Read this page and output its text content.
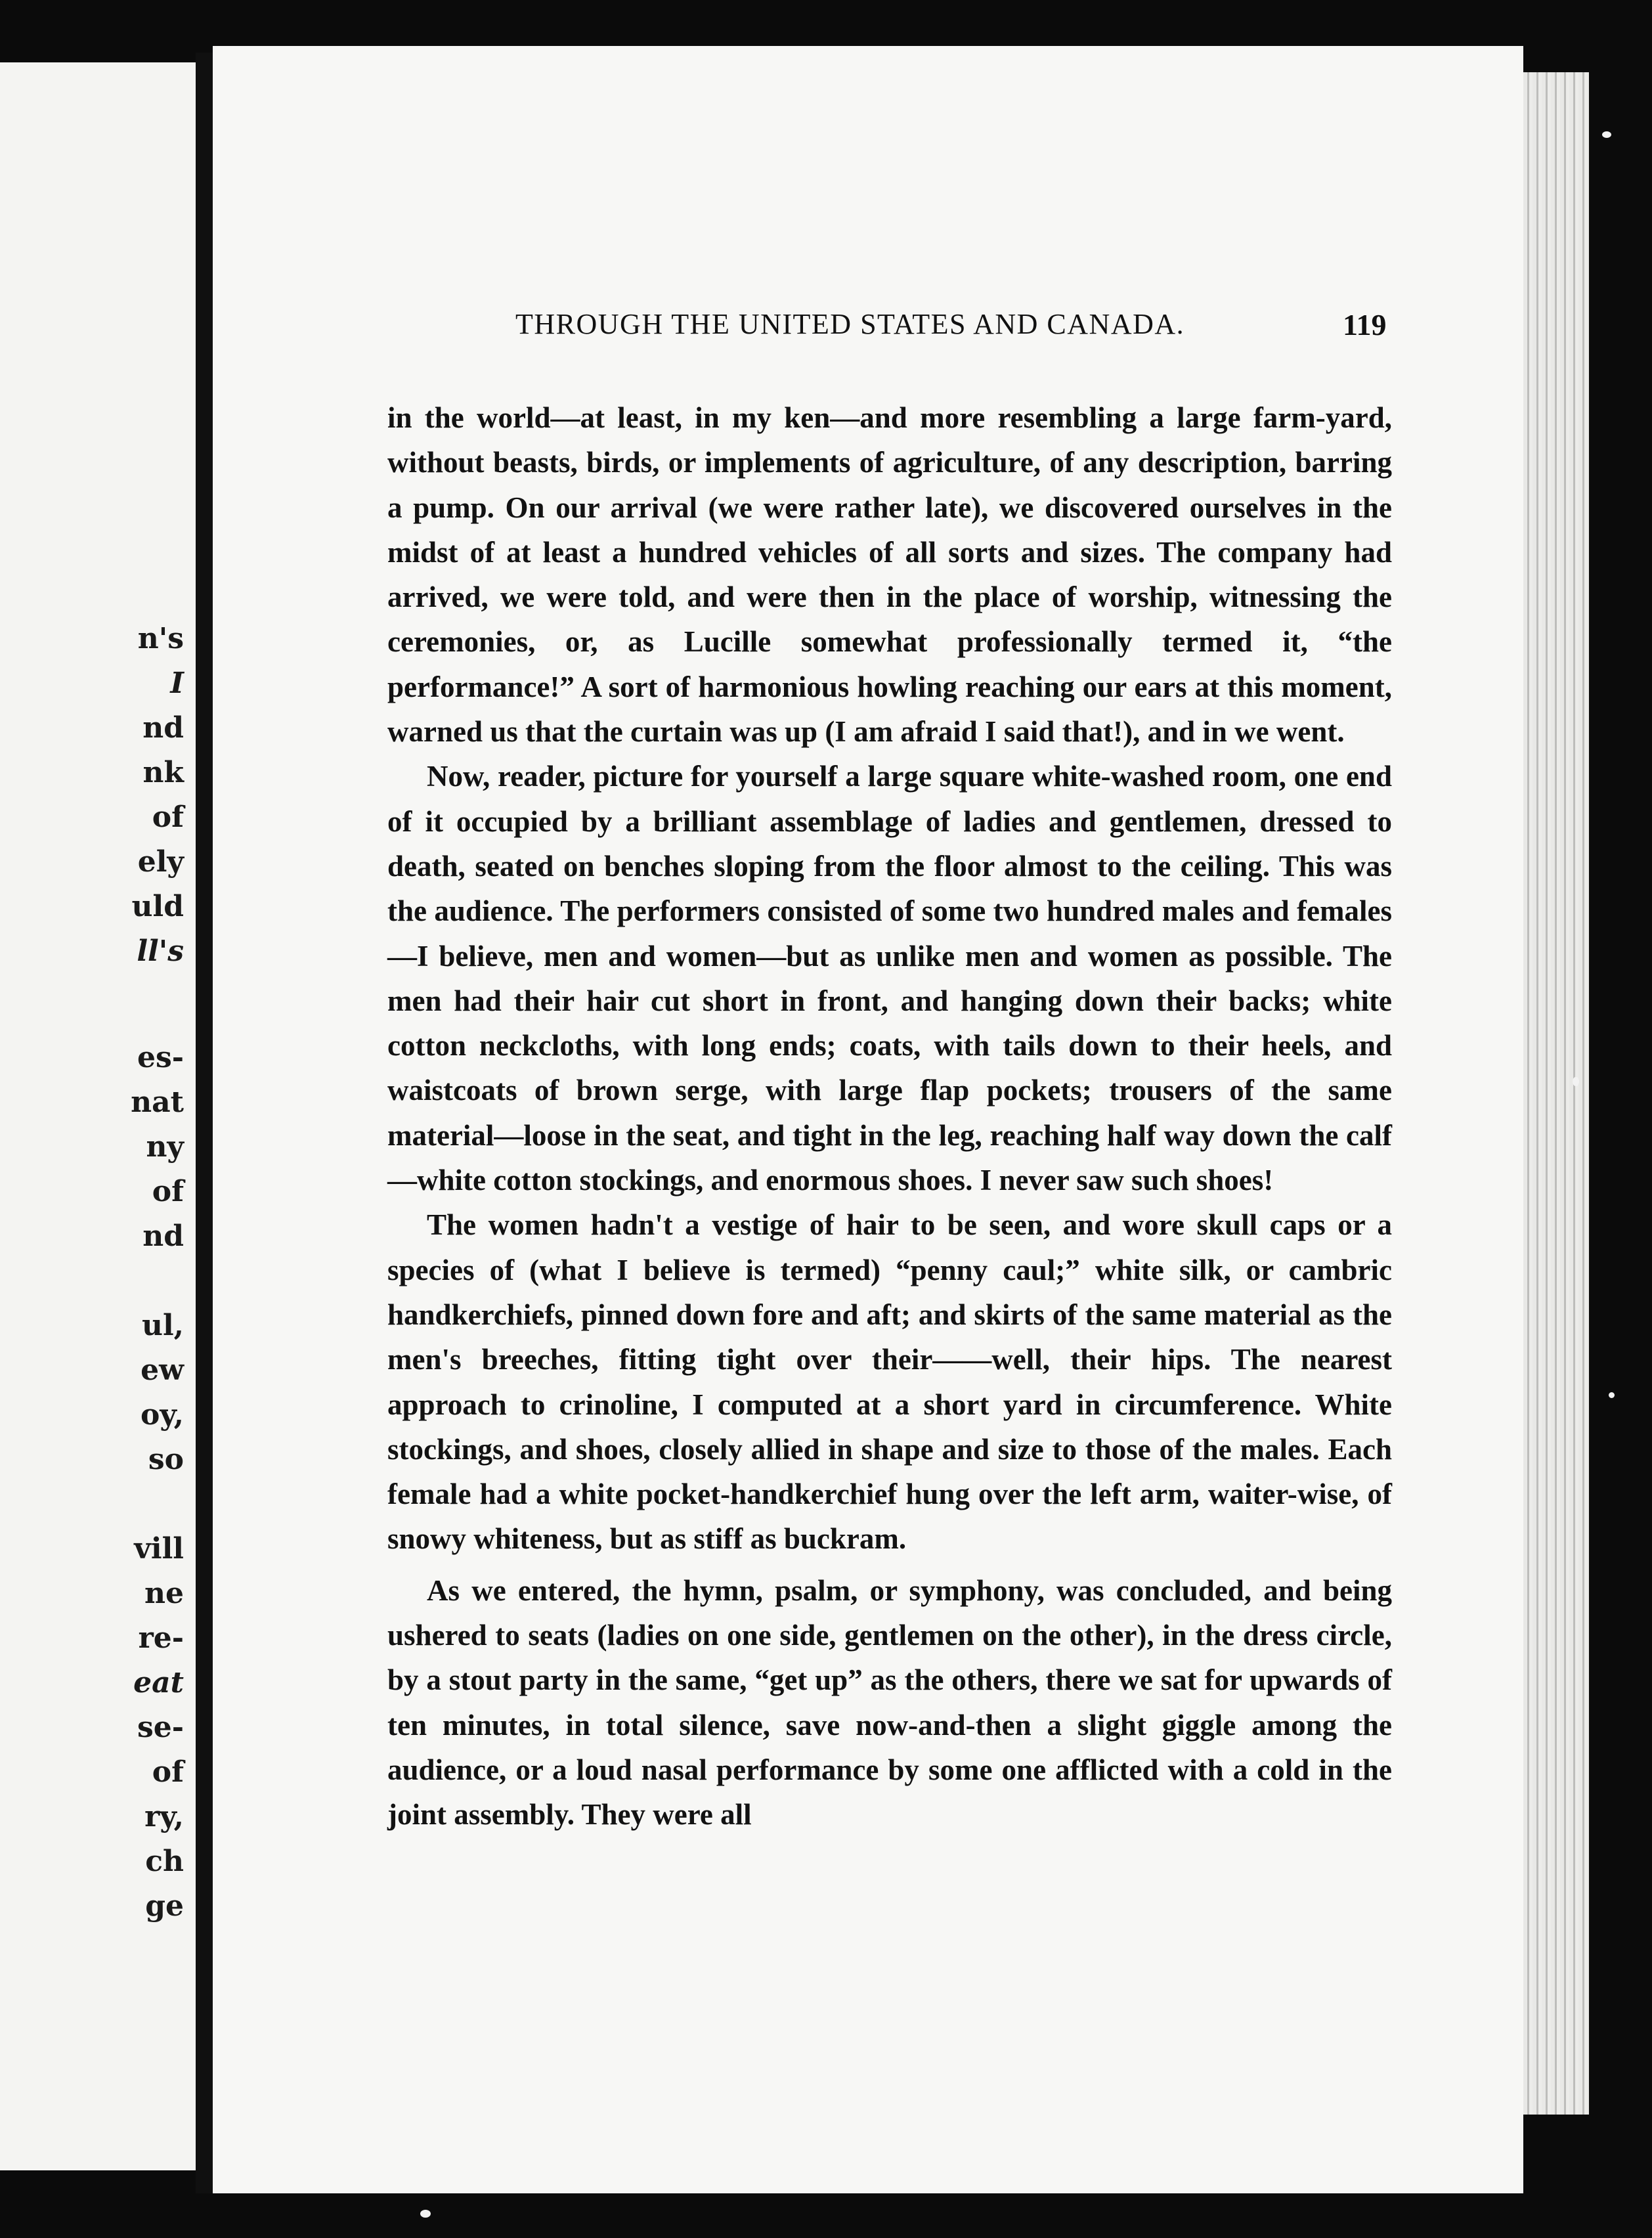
n's
I
nd
nk
of
ely
uld
ll's
es-
nat
ny
of
nd
ul,
ew
oy,
so
vill
ne
re-
eat
se-
of
ry,
ch
ge
THROUGH THE UNITED STATES AND CANADA.	119

in the world—at least, in my ken—and more resembling a large farm-yard, without beasts, birds, or implements of agriculture, of any description, barring a pump. On our arrival (we were rather late), we discovered ourselves in the midst of at least a hundred vehicles of all sorts and sizes. The company had arrived, we were told, and were then in the place of worship, witnessing the ceremonies, or, as Lucille somewhat professionally termed it, “the performance!” A sort of harmonious howling reaching our ears at this moment, warned us that the curtain was up (I am afraid I said that!), and in we went.

Now, reader, picture for yourself a large square white-washed room, one end of it occupied by a brilliant assemblage of ladies and gentlemen, dressed to death, seated on benches sloping from the floor almost to the ceiling. This was the audience. The performers consisted of some two hundred males and females—I believe, men and women—but as unlike men and women as possible. The men had their hair cut short in front, and hanging down their backs; white cotton neckcloths, with long ends; coats, with tails down to their heels, and waistcoats of brown serge, with large flap pockets; trousers of the same material—loose in the seat, and tight in the leg, reaching half way down the calf—white cotton stockings, and enormous shoes. I never saw such shoes!

The women hadn't a vestige of hair to be seen, and wore skull caps or a species of (what I believe is termed) “penny caul;” white silk, or cambric handkerchiefs, pinned down fore and aft; and skirts of the same material as the men's breeches, fitting tight over their——well, their hips. The nearest approach to crinoline, I computed at a short yard in circumference. White stockings, and shoes, closely allied in shape and size to those of the males. Each female had a white pocket-handkerchief hung over the left arm, waiter-wise, of snowy whiteness, but as stiff as buckram.

As we entered, the hymn, psalm, or symphony, was concluded, and being ushered to seats (ladies on one side, gentlemen on the other), in the dress circle, by a stout party in the same, “get up” as the others, there we sat for upwards of ten minutes, in total silence, save now-and-then a slight giggle among the audience, or a loud nasal performance by some one afflicted with a cold in the joint assembly. They were all
